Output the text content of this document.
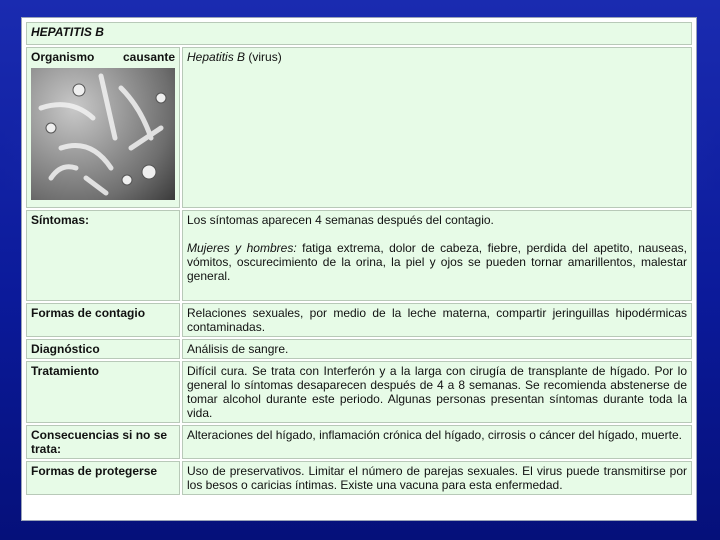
HEPATITIS B	

Organismo causante	Hepatitis B (virus)
Síntomas:	Los síntomas aparecen 4 semanas después del contagio.
Mujeres y hombres: fatiga extrema, dolor de cabeza, fiebre, perdida del apetito, nauseas, vómitos, oscurecimiento de la orina, la piel y ojos se pueden tornar amarillentos, malestar general.

Formas de contagio	Relaciones sexuales, por medio de la leche materna, compartir jeringuillas hipodérmicas contaminadas.
Diagnóstico	Análisis de sangre.
Tratamiento	Difícil cura. Se trata con Interferón y a la larga con cirugía de transplante de hígado. Por lo general lo síntomas desaparecen después de 4 a 8 semanas. Se recomienda abstenerse de tomar alcohol durante este periodo. Algunas personas presentan síntomas durante toda la vida.
Consecuencias si no se trata:	Alteraciones del hígado, inflamación crónica del hígado, cirrosis o cáncer del hígado, muerte.
Formas de protegerse	Uso de preservativos. Limitar el número de parejas sexuales. El virus puede transmitirse por los besos o caricias íntimas. Existe una vacuna para esta enfermedad.
